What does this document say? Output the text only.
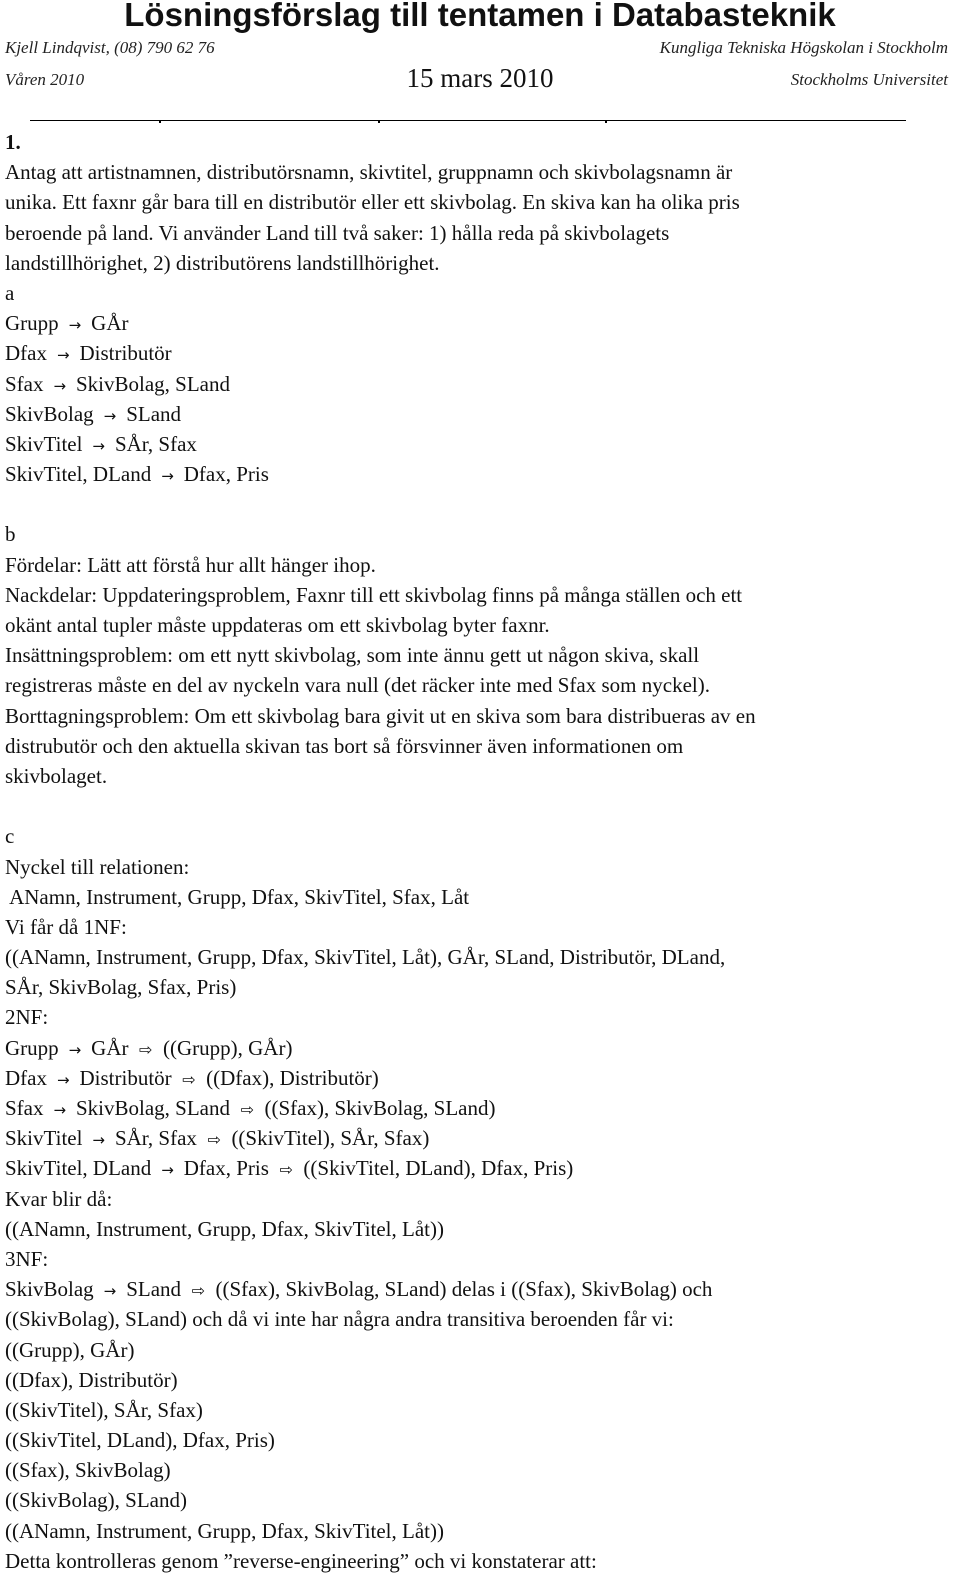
Lösningsförslag till tentamen i Databasteknik
Kjell Lindqvist, (08) 790 62 76	Kungliga Tekniska Högskolan i Stockholm
Våren 2010	15 mars 2010	Stockholms Universitet
1.
Antag att artistnamnen, distributörsnamn, skivtitel, gruppnamn och skivbolagsnamn är
unika. Ett faxnr går bara till en distributör eller ett skivbolag. En skiva kan ha olika pris
beroende på land. Vi använder Land till två saker: 1) hålla reda på skivbolagets
landstillhörighet, 2) distributörens landstillhörighet.
a
Grupp → GÅr
Dfax → Distributör
Sfax → SkivBolag, SLand
SkivBolag → SLand
SkivTitel → SÅr, Sfax
SkivTitel, DLand → Dfax, Pris
b
Fördelar: Lätt att förstå hur allt hänger ihop.
Nackdelar: Uppdateringsproblem, Faxnr till ett skivbolag finns på många ställen och ett
okänt antal tupler måste uppdateras om ett skivbolag byter faxnr.
Insättningsproblem: om ett nytt skivbolag, som inte ännu gett ut någon skiva, skall
registreras måste en del av nyckeln vara null (det räcker inte med Sfax som nyckel).
Borttagningsproblem: Om ett skivbolag bara givit ut en skiva som bara distribueras av en
distrubutör och den aktuella skivan tas bort så försvinner även informationen om
skivbolaget.
c
Nyckel till relationen:
ANamn, Instrument, Grupp, Dfax, SkivTitel, Sfax, Låt
Vi får då 1NF:
((ANamn, Instrument, Grupp, Dfax, SkivTitel, Låt), GÅr, SLand, Distributör, DLand,
SÅr, SkivBolag, Sfax, Pris)
2NF:
Grupp → GÅr ⇨ ((Grupp), GÅr)
Dfax → Distributör ⇨ ((Dfax), Distributör)
Sfax → SkivBolag, SLand ⇨ ((Sfax), SkivBolag, SLand)
SkivTitel → SÅr, Sfax ⇨ ((SkivTitel), SÅr, Sfax)
SkivTitel, DLand → Dfax, Pris ⇨ ((SkivTitel, DLand), Dfax, Pris)
Kvar blir då:
((ANamn, Instrument, Grupp, Dfax, SkivTitel, Låt))
3NF:
SkivBolag → SLand ⇨ ((Sfax), SkivBolag, SLand) delas i ((Sfax), SkivBolag) och
((SkivBolag), SLand) och då vi inte har några andra transitiva beroenden får vi:
((Grupp), GÅr)
((Dfax), Distributör)
((SkivTitel), SÅr, Sfax)
((SkivTitel, DLand), Dfax, Pris)
((Sfax), SkivBolag)
((SkivBolag), SLand)
((ANamn, Instrument, Grupp, Dfax, SkivTitel, Låt))
Detta kontrolleras genom ”reverse-engineering” och vi konstaterar att:
